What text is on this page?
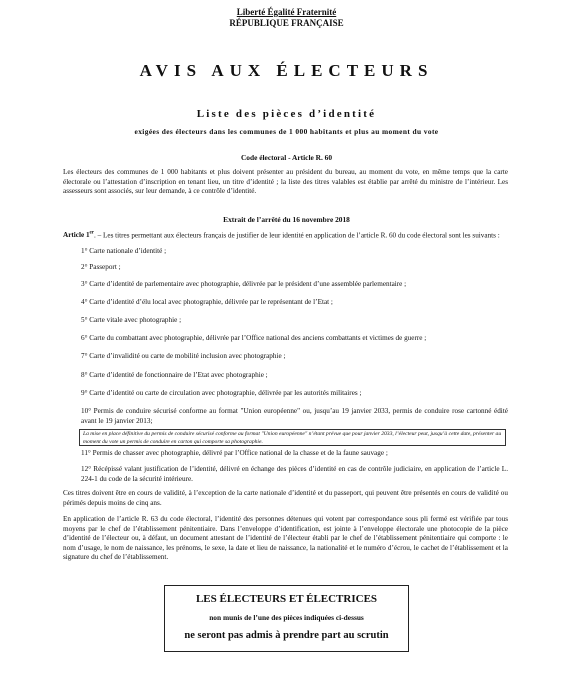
Liberté Égalité Fraternité
RÉPUBLIQUE FRANÇAISE
AVIS AUX ÉLECTEURS
Liste des pièces d’identité
exigées des électeurs dans les communes de 1 000 habitants et plus au moment du vote
Code électoral - Article R. 60
Les électeurs des communes de 1 000 habitants et plus doivent présenter au président du bureau, au moment du vote, en même temps que la carte électorale ou l’attestation d’inscription en tenant lieu, un titre d’identité ; la liste des titres valables est établie par arrêté du ministre de l’intérieur. Les assesseurs sont associés, sur leur demande, à ce contrôle d’identité.
Extrait de l’arrêté du 16 novembre 2018
Article 1er. – Les titres permettant aux électeurs français de justifier de leur identité en application de l’article R. 60 du code électoral sont les suivants :
1° Carte nationale d’identité ;
2° Passeport ;
3° Carte d’identité de parlementaire avec photographie, délivrée par le président d’une assemblée parlementaire ;
4° Carte d’identité d’élu local avec photographie, délivrée par le représentant de l’Etat ;
5° Carte vitale avec photographie ;
6° Carte du combattant avec photographie, délivrée par l’Office national des anciens combattants et victimes de guerre ;
7° Carte d’invalidité ou carte de mobilité inclusion avec photographie ;
8° Carte d’identité de fonctionnaire de l’Etat avec photographie ;
9° Carte d’identité ou carte de circulation avec photographie, délivrée par les autorités militaires ;
La mise en place définitive du permis de conduire sécurisé conforme au format "Union européenne" n’étant prévue que pour janvier 2033, l’électeur peut, jusqu’à cette date, présenter au moment du vote un permis de conduire en carton qui comporte sa photographie.
11° Permis de chasser avec photographie, délivré par l’Office national de la chasse et de la faune sauvage ;
12° Récépissé valant justification de l’identité, délivré en échange des pièces d’identité en cas de contrôle judiciaire, en application de l’article L. 224-1 du code de la sécurité intérieure.
Ces titres doivent être en cours de validité, à l’exception de la carte nationale d’identité et du passeport, qui peuvent être présentés en cours de validité ou périmés depuis moins de cinq ans.
En application de l’article R. 63 du code électoral, l’identité des personnes détenues qui votent par correspondance sous pli fermé est vérifiée par tous moyens par le chef de l’établissement pénitentiaire. Dans l’enveloppe d’identification, est jointe à l’enveloppe électorale une photocopie de la pièce d’identité de l’électeur ou, à défaut, un document attestant de l’identité de l’électeur établi par le chef de l’établissement pénitentiaire qui comporte : le nom d’usage, le nom de naissance, les prénoms, le sexe, la date et lieu de naissance, la nationalité et le numéro d’écrou, le cachet de l’établissement et la signature du chef de l’établissement.
LES ÉLECTEURS ET ÉLECTRICES
non munis de l’une des pièces indiquées ci-dessus
ne seront pas admis à prendre part au scrutin
10° Permis de conduire sécurisé conforme au format "Union européenne" ou, jusqu’au 19 janvier 2033, permis de conduire rose cartonné édité avant le 19 janvier 2013;
